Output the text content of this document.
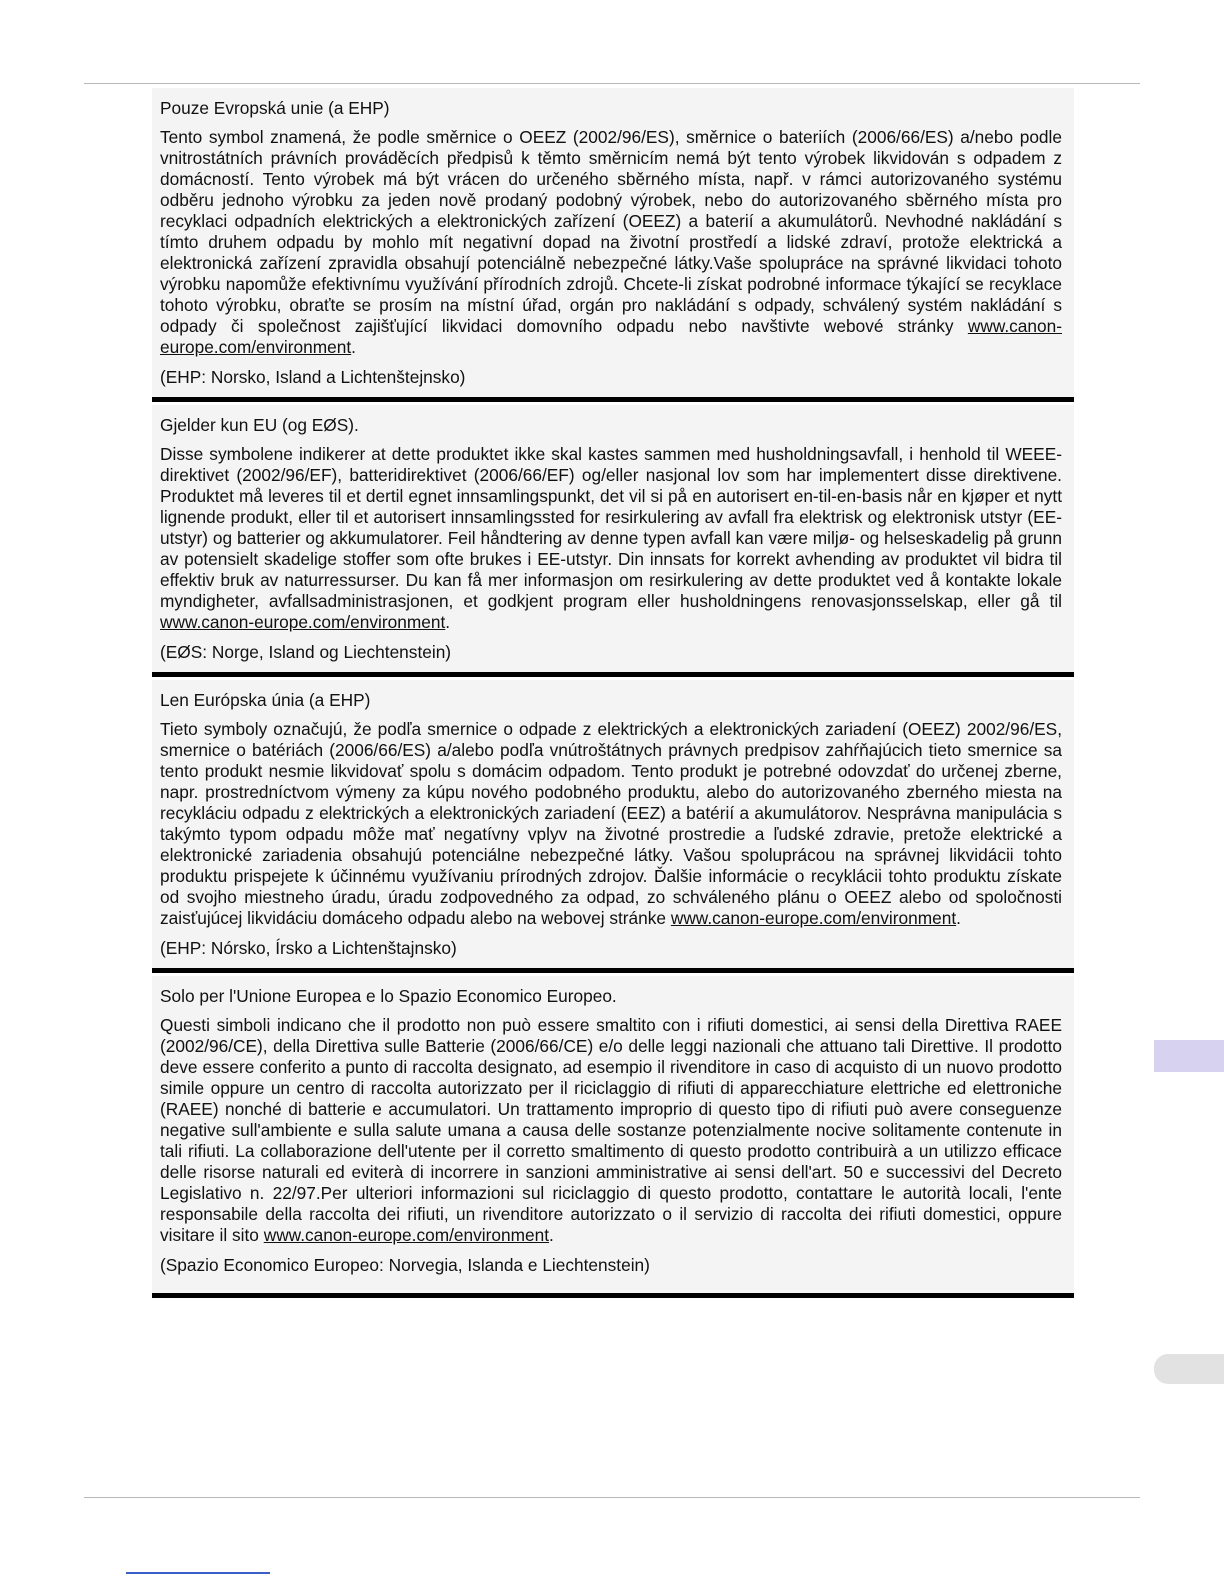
Pouze Evropská unie (a EHP)

Tento symbol znamená, že podle směrnice o OEEZ (2002/96/ES), směrnice o bateriích (2006/66/ES) a/nebo podle vnitrostátních právních prováděcích předpisů k těmto směrnicím nemá být tento výrobek likvidován s odpadem z domácností. Tento výrobek má být vrácen do určeného sběrného místa, např. v rámci autorizovaného systému odběru jednoho výrobku za jeden nově prodaný podobný výrobek, nebo do autorizovaného sběrného místa pro recyklaci odpadních elektrických a elektronických zařízení (OEEZ) a baterií a akumulátorů. Nevhodné nakládání s tímto druhem odpadu by mohlo mít negativní dopad na životní prostředí a lidské zdraví, protože elektrická a elektronická zařízení zpravidla obsahují potenciálně nebezpečné látky.Vaše spolupráce na správné likvidaci tohoto výrobku napomůže efektivnímu využívání přírodních zdrojů. Chcete-li získat podrobné informace týkající se recyklace tohoto výrobku, obraťte se prosím na místní úřad, orgán pro nakládání s odpady, schválený systém nakládání s odpady či společnost zajišťující likvidaci domovního odpadu nebo navštivte webové stránky www.canon-europe.com/environment.

(EHP: Norsko, Island a Lichtenštejnsko)

Gjelder kun EU (og EØS).

Disse symbolene indikerer at dette produktet ikke skal kastes sammen med husholdningsavfall, i henhold til WEEE-direktivet (2002/96/EF), batteridirektivet (2006/66/EF) og/eller nasjonal lov som har implementert disse direktivene. Produktet må leveres til et dertil egnet innsamlingspunkt, det vil si på en autorisert en-til-en-basis når en kjøper et nytt lignende produkt, eller til et autorisert innsamlingssted for resirkulering av avfall fra elektrisk og elektronisk utstyr (EE-utstyr) og batterier og akkumulatorer. Feil håndtering av denne typen avfall kan være miljø- og helseskadelig på grunn av potensielt skadelige stoffer som ofte brukes i EE-utstyr. Din innsats for korrekt avhending av produktet vil bidra til effektiv bruk av naturressurser. Du kan få mer informasjon om resirkulering av dette produktet ved å kontakte lokale myndigheter, avfallsadministrasjonen, et godkjent program eller husholdningens renovasjonsselskap, eller gå til www.canon-europe.com/environment.

(EØS: Norge, Island og Liechtenstein)

Len Európska únia (a EHP)

Tieto symboly označujú, že podľa smernice o odpade z elektrických a elektronických zariadení (OEEZ) 2002/96/ES, smernice o batériách (2006/66/ES) a/alebo podľa vnútroštátnych právnych predpisov zahŕňajúcich tieto smernice sa tento produkt nesmie likvidovať spolu s domácim odpadom. Tento produkt je potrebné odovzdať do určenej zberne, napr. prostredníctvom výmeny za kúpu nového podobného produktu, alebo do autorizovaného zberného miesta na recykláciu odpadu z elektrických a elektronických zariadení (EEZ) a batérií a akumulátorov. Nesprávna manipulácia s takýmto typom odpadu môže mať negatívny vplyv na životné prostredie a ľudské zdravie, pretože elektrické a elektronické zariadenia obsahujú potenciálne nebezpečné látky. Vašou spoluprácou na správnej likvidácii tohto produktu prispejete k účinnému využívaniu prírodných zdrojov. Ďalšie informácie o recyklácii tohto produktu získate od svojho miestneho úradu, úradu zodpovedného za odpad, zo schváleného plánu o OEEZ alebo od spoločnosti zaisťujúcej likvidáciu domáceho odpadu alebo na webovej stránke www.canon-europe.com/environment.

(EHP: Nórsko, Írsko a Lichtenštajnsko)

Solo per l'Unione Europea e lo Spazio Economico Europeo.

Questi simboli indicano che il prodotto non può essere smaltito con i rifiuti domestici, ai sensi della Direttiva RAEE (2002/96/CE), della Direttiva sulle Batterie (2006/66/CE) e/o delle leggi nazionali che attuano tali Direttive. Il prodotto deve essere conferito a punto di raccolta designato, ad esempio il rivenditore in caso di acquisto di un nuovo prodotto simile oppure un centro di raccolta autorizzato per il riciclaggio di rifiuti di apparecchiature elettriche ed elettroniche (RAEE) nonché di batterie e accumulatori. Un trattamento improprio di questo tipo di rifiuti può avere conseguenze negative sull'ambiente e sulla salute umana a causa delle sostanze potenzialmente nocive solitamente contenute in tali rifiuti. La collaborazione dell'utente per il corretto smaltimento di questo prodotto contribuirà a un utilizzo efficace delle risorse naturali ed eviterà di incorrere in sanzioni amministrative ai sensi dell'art. 50 e successivi del Decreto Legislativo n. 22/97.Per ulteriori informazioni sul riciclaggio di questo prodotto, contattare le autorità locali, l'ente responsabile della raccolta dei rifiuti, un rivenditore autorizzato o il servizio di raccolta dei rifiuti domestici, oppure visitare il sito www.canon-europe.com/environment.

(Spazio Economico Europeo: Norvegia, Islanda e Liechtenstein)
